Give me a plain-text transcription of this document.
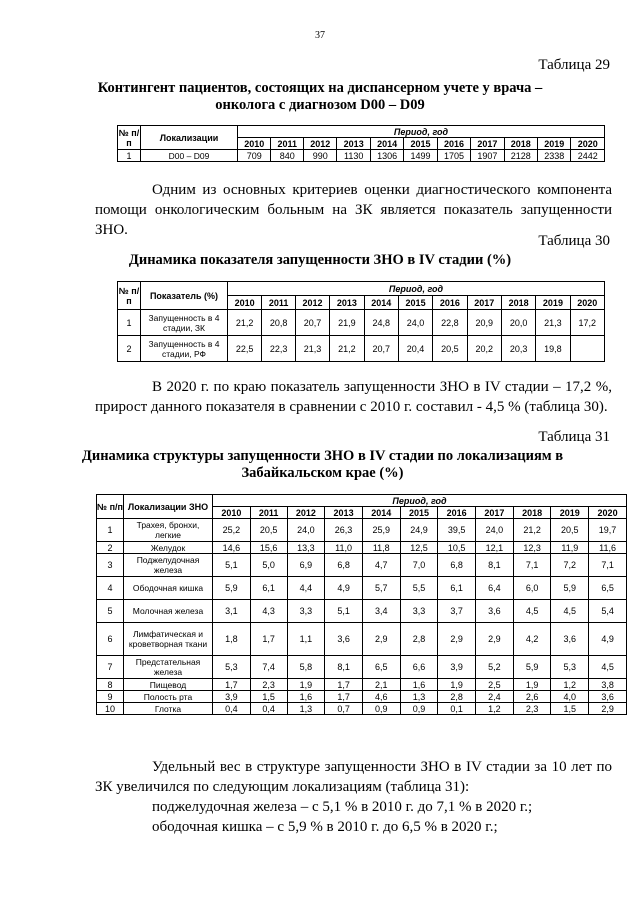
37
Таблица 29
Контингент пациентов, состоящих на диспансерном учете у врача – онколога с диагнозом D00 – D09
№ п/п	Локализации	Период, год										
		2010	2011	2012	2013	2014	2015	2016	2017	2018	2019	2020
1	D00 – D09	709	840	990	1130	1306	1499	1705	1907	2128	2338	2442
Одним из основных критериев оценки диагностического компонента помощи онкологическим больным на ЗК является показатель запущенности ЗНО.
Таблица 30
Динамика показателя запущенности ЗНО в IV стадии (%)
№ п/п	Показатель (%)	Период, год										
		2010	2011	2012	2013	2014	2015	2016	2017	2018	2019	2020
1	Запущенность в 4 стадии, ЗК	21,2	20,8	20,7	21,9	24,8	24,0	22,8	20,9	20,0	21,3	17,2
2	Запущенность в 4 стадии, РФ	22,5	22,3	21,3	21,2	20,7	20,4	20,5	20,2	20,3	19,8	
В 2020 г. по краю показатель запущенности ЗНО в IV стадии – 17,2 %, прирост данного показателя в сравнении с 2010 г. составил - 4,5 % (таблица 30).
Таблица 31
Динамика структуры запущенности ЗНО в IV стадии по локализациям в Забайкальском крае (%)
№ п/п	Локализации ЗНО	Период, год										
		2010	2011	2012	2013	2014	2015	2016	2017	2018	2019	2020
1	Трахея, бронхи, легкие	25,2	20,5	24,0	26,3	25,9	24,9	39,5	24,0	21,2	20,5	19,7
2	Желудок	14,6	15,6	13,3	11,0	11,8	12,5	10,5	12,1	12,3	11,9	11,6
3	Поджелудочная железа	5,1	5,0	6,9	6,8	4,7	7,0	6,8	8,1	7,1	7,2	7,1
4	Ободочная кишка	5,9	6,1	4,4	4,9	5,7	5,5	6,1	6,4	6,0	5,9	6,5
5	Молочная железа	3,1	4,3	3,3	5,1	3,4	3,3	3,7	3,6	4,5	4,5	5,4
6	Лимфатическая и кроветворная ткани	1,8	1,7	1,1	3,6	2,9	2,8	2,9	2,9	4,2	3,6	4,9
7	Предстательная железа	5,3	7,4	5,8	8,1	6,5	6,6	3,9	5,2	5,9	5,3	4,5
8	Пищевод	1,7	2,3	1,9	1,7	2,1	1,6	1,9	2,5	1,9	1,2	3,8
9	Полость рта	3,9	1,5	1,6	1,7	4,6	1,3	2,8	2,4	2,6	4,0	3,6
10	Глотка	0,4	0,4	1,3	0,7	0,9	0,9	0,1	1,2	2,3	1,5	2,9
Удельный вес в структуре запущенности ЗНО в IV стадии за 10 лет по ЗК увеличился по следующим локализациям (таблица 31):
поджелудочная железа – с 5,1 % в 2010 г. до 7,1 % в 2020 г.;
ободочная кишка – с 5,9 % в 2010 г. до 6,5 % в 2020 г.;
